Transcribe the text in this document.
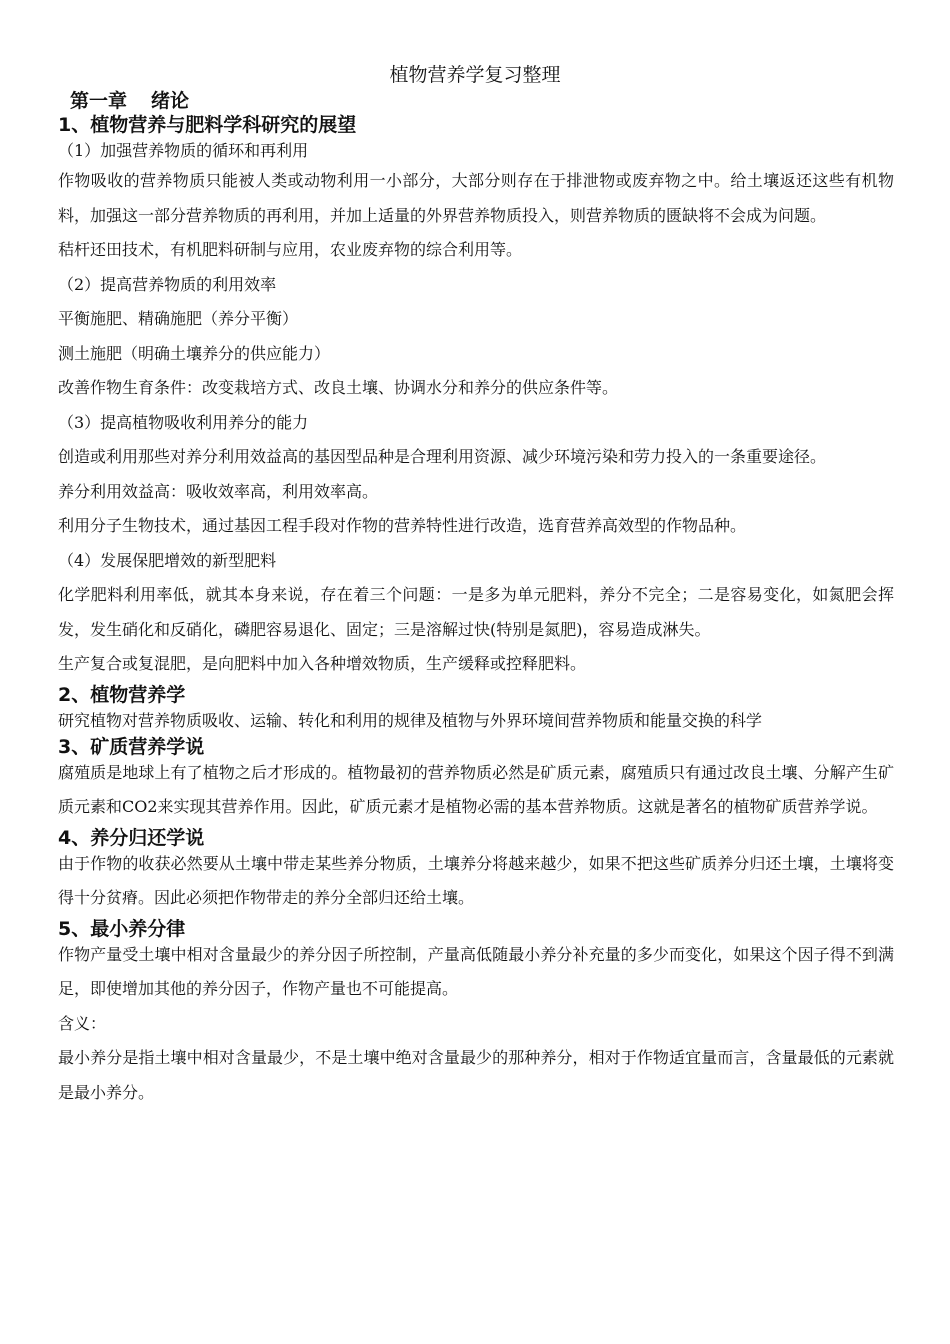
植物营养学复习整理
第一章 绪论
1、植物营养与肥料学科研究的展望

（1）加强营养物质的循环和再利用

作物吸收的营养物质只能被人类或动物利用一小部分，大部分则存在于排泄物或废弃物之中。给土壤返还这些有机物料，加强这一部分营养物质的再利用，并加上适量的外界营养物质投入，则营养物质的匮缺将不会成为问题。

秸杆还田技术，有机肥料研制与应用，农业废弃物的综合利用等。

（2）提高营养物质的利用效率

平衡施肥、精确施肥（养分平衡）

测土施肥（明确土壤养分的供应能力）

改善作物生育条件：改变栽培方式、改良土壤、协调水分和养分的供应条件等。

（3）提高植物吸收利用养分的能力

创造或利用那些对养分利用效益高的基因型品种是合理利用资源、减少环境污染和劳力投入的一条重要途径。

养分利用效益高：吸收效率高，利用效率高。

利用分子生物技术，通过基因工程手段对作物的营养特性进行改造，选育营养高效型的作物品种。

（4）发展保肥增效的新型肥料

化学肥料利用率低，就其本身来说，存在着三个问题：一是多为单元肥料，养分不完全；二是容易变化，如氮肥会挥发，发生硝化和反硝化，磷肥容易退化、固定；三是溶解过快(特别是氮肥)，容易造成淋失。

生产复合或复混肥，是向肥料中加入各种增效物质，生产缓释或控释肥料。

2、植物营养学

研究植物对营养物质吸收、运输、转化和利用的规律及植物与外界环境间营养物质和能量交换的科学

3、矿质营养学说

腐殖质是地球上有了植物之后才形成的。植物最初的营养物质必然是矿质元素，腐殖质只有通过改良土壤、分解产生矿质元素和CO2来实现其营养作用。因此，矿质元素才是植物必需的基本营养物质。这就是著名的植物矿质营养学说。

4、养分归还学说

由于作物的收获必然要从土壤中带走某些养分物质，土壤养分将越来越少，如果不把这些矿质养分归还土壤，土壤将变得十分贫瘠。因此必须把作物带走的养分全部归还给土壤。

5、最小养分律

作物产量受土壤中相对含量最少的养分因子所控制，产量高低随最小养分补充量的多少而变化，如果这个因子得不到满足，即使增加其他的养分因子，作物产量也不可能提高。

含义：

最小养分是指土壤中相对含量最少，不是土壤中绝对含量最少的那种养分，相对于作物适宜量而言，含量最低的元素就是最小养分。
